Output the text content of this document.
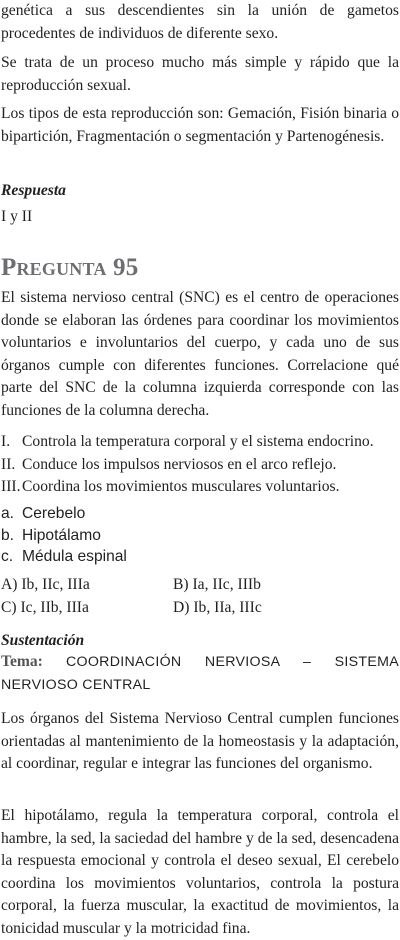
genética a sus descendientes sin la unión de gametos procedentes de individuos de diferente sexo.

Se trata de un proceso mucho más simple y rápido que la reproducción sexual.

Los tipos de esta reproducción son: Gemación, Fisión binaria o bipartición, Fragmentación o segmentación y Partenogénesis.

Respuesta
I y II
Pregunta 95

El sistema nervioso central (SNC) es el centro de operaciones donde se elaboran las órdenes para coordinar los movimientos voluntarios e involuntarios del cuerpo, y cada uno de sus órganos cumple con diferentes funciones. Correlacione qué parte del SNC de la columna izquierda corresponde con las funciones de la columna derecha.

I. Controla la temperatura corporal y el sistema endocrino.
II. Conduce los impulsos nerviosos en el arco reflejo.
III. Coordina los movimientos musculares voluntarios.
a. Cerebelo
b. Hipotálamo
c. Médula espinal
A) Ib, IIc, IIIa	B) Ia, IIc, IIIb
C) Ic, IIb, IIIa	D) Ib, IIa, IIIc
Sustentación

Tema: COORDINACIÓN NERVIOSA – SISTEMA NERVIOSO CENTRAL

Los órganos del Sistema Nervioso Central cumplen funciones orientadas al mantenimiento de la homeostasis y la adaptación, al coordinar, regular e integrar las funciones del organismo.

El hipotálamo, regula la temperatura corporal, controla el hambre, la sed, la saciedad del hambre y de la sed, desencadena la respuesta emocional y controla el deseo sexual, El cerebelo coordina los movimientos voluntarios, controla la postura corporal, la fuerza muscular, la exactitud de movimientos, la tonicidad muscular y la motricidad fina.
